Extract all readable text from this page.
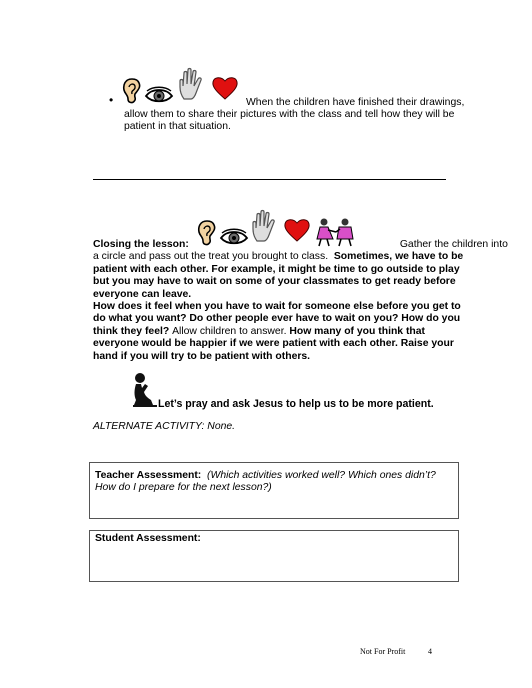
•	When the children have finished their drawings,
allow them to share their pictures with the class and tell how they will be
patient in that situation.
Closing the lesson:	Gather the children into
a circle and pass out the treat you brought to class. Sometimes, we have to be
patient with each other. For example, it might be time to go outside to play
but you may have to wait on some of your classmates to get ready before
everyone can leave.
How does it feel when you have to wait for someone else before you get to
do what you want? Do other people ever have to wait on you? How do you
think they feel? Allow children to answer. How many of you think that
everyone would be happier if we were patient with each other. Raise your
hand if you will try to be patient with others.
Let’s pray and ask Jesus to help us to be more patient.
ALTERNATE ACTIVITY: None.
Teacher Assessment: (Which activities worked well? Which ones didn’t?
How do I prepare for the next lesson?)
Student Assessment:
Not For Profit	4
